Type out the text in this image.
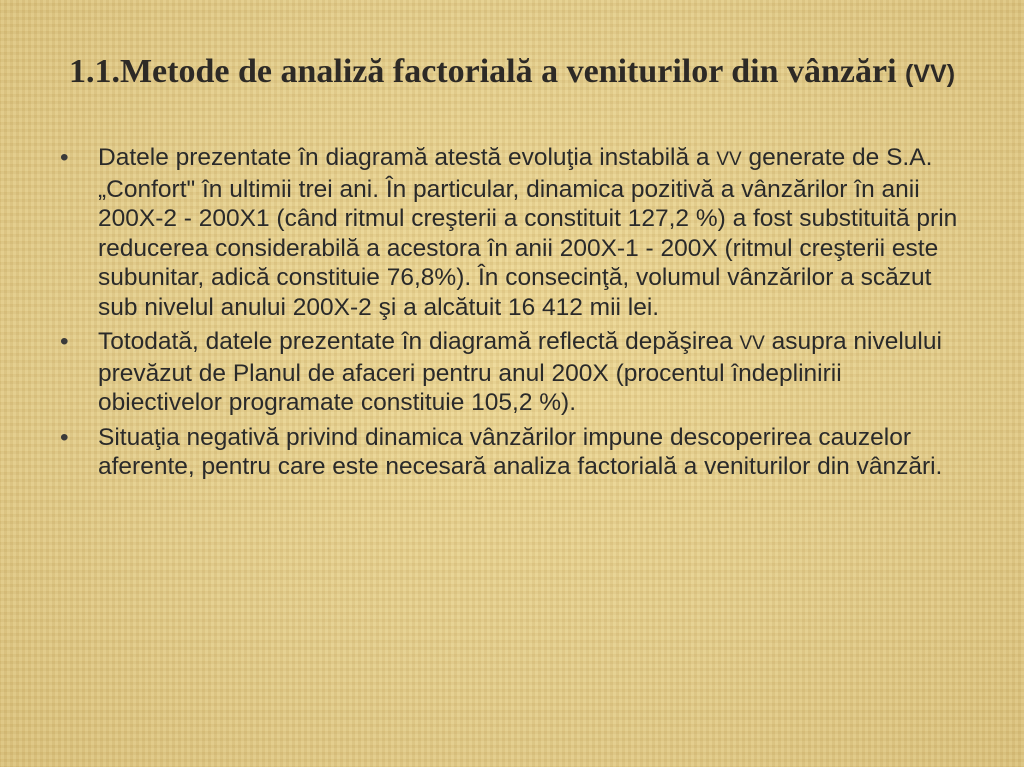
1.1.Metode de analiză factorială a veniturilor din vânzări (VV)
•	Datele prezentate în diagramă atestă evoluţia instabilă a VV generate de S.A. „Confort" în ultimii trei ani. În particular, dinamica pozitivă a vânzărilor în anii 200X-2 - 200X1 (când ritmul creşterii a constituit 127,2 %) a fost substituită prin reducerea considerabilă a acestora în anii 200X-1 - 200X (ritmul creşterii este subunitar, adică constituie 76,8%). În consecinţă, volumul vânzărilor a scăzut sub nivelul anului 200X-2 şi a alcătuit 16 412 mii lei.
•	Totodată, datele prezentate în diagramă reflectă depăşirea VV asupra nivelului prevăzut de Planul de afaceri pentru anul 200X (procentul îndeplinirii obiectivelor programate constituie 105,2 %).
•	Situaţia negativă privind dinamica vânzărilor impune descoperirea cauzelor aferente, pentru care este necesară analiza factorială a veniturilor din vânzări.
